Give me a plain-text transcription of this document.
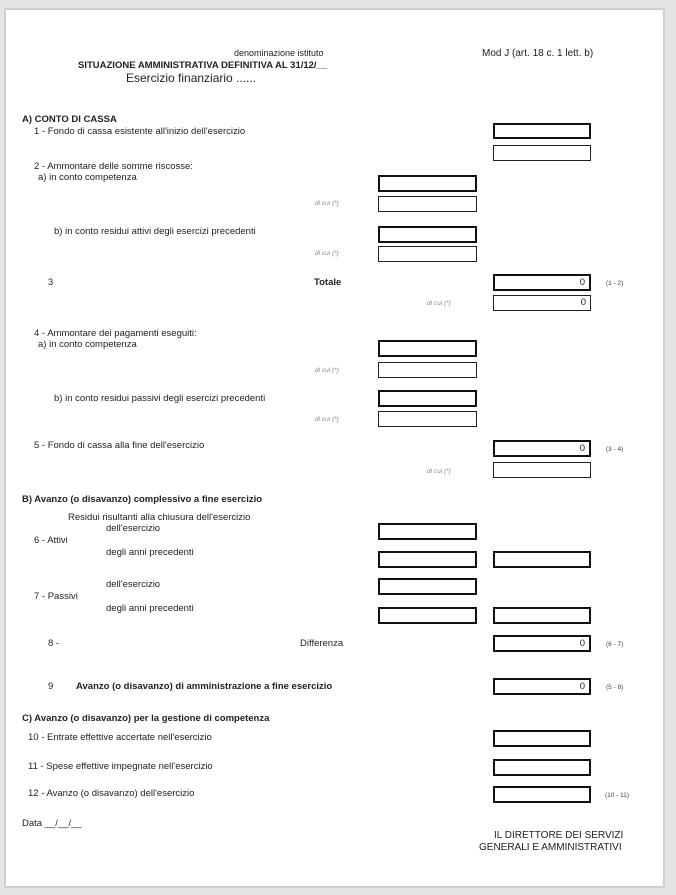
denominazione istituto
SITUAZIONE AMMINISTRATIVA DEFINITIVA AL 31/12/__
Esercizio finanziario ......
Mod J (art. 18 c. 1 lett. b)
A) CONTO DI CASSA
1 - Fondo di cassa esistente all'inizio dell'esercizio
2 - Ammontare delle somme riscosse:
a) in conto competenza
di cui (*)
b) in conto residui attivi degli esercizi precedenti
di cui (*)
3	Totale	0	(1 - 2)
di cui (*)	0
4 - Ammontare dei pagamenti eseguiti:
a) in conto competenza
di cui (*)
b) in conto residui passivi degli esercizi precedenti
di cui (*)
5 - Fondo di cassa alla fine dell'esercizio	0	(3 - 4)
di cui (*)
B) Avanzo (o disavanzo) complessivo a fine esercizio
Residui risultanti alla chiusura dell'esercizio
dell'esercizio
6 - Attivi
degli anni precedenti
dell'esercizio
7 - Passivi
degli anni precedenti
8 -	Differenza	0	(6 - 7)
9 Avanzo (o disavanzo) di amministrazione a fine esercizio	0	(5 - 8)
C) Avanzo (o disavanzo) per la gestione di competenza
10 - Entrate effettive accertate nell'esercizio
11 - Spese effettive impegnate nell'esercizio
12 - Avanzo (o disavanzo) dell'esercizio	(10 - 11)
Data __/__/__
IL DIRETTORE DEI SERVIZI
GENERALI E AMMINISTRATIVI
